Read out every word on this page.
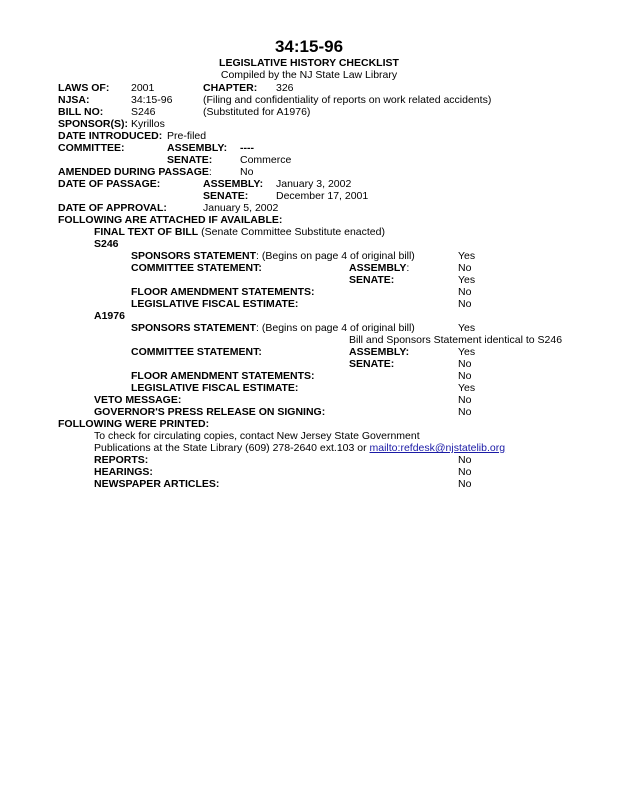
34:15-96
LEGISLATIVE HISTORY CHECKLIST
Compiled by the NJ State Law Library
LAWS OF: 2001	CHAPTER: 326
NJSA:	34:15-96	(Filing and confidentiality of reports on work related accidents)
BILL NO:	S246	(Substituted for A1976)
SPONSOR(S): Kyrillos
DATE INTRODUCED: Pre-filed
COMMITTEE:	ASSEMBLY: ----
SENATE:	Commerce
AMENDED DURING PASSAGE:	No
DATE OF PASSAGE:	ASSEMBLY: January 3, 2002
SENATE:	December 17, 2001
DATE OF APPROVAL:	January 5, 2002
FOLLOWING ARE ATTACHED IF AVAILABLE:
FINAL TEXT OF BILL (Senate Committee Substitute enacted)
S246
SPONSORS STATEMENT: (Begins on page 4 of original bill)	Yes
COMMITTEE STATEMENT:	ASSEMBLY:	No
SENATE:	Yes
FLOOR AMENDMENT STATEMENTS:	No
LEGISLATIVE FISCAL ESTIMATE:	No
A1976
SPONSORS STATEMENT: (Begins on page 4 of original bill)	Yes
Bill and Sponsors Statement identical to S246
COMMITTEE STATEMENT:	ASSEMBLY:	Yes
SENATE:	No
FLOOR AMENDMENT STATEMENTS:	No
LEGISLATIVE FISCAL ESTIMATE:	Yes
VETO MESSAGE:	No
GOVERNOR'S PRESS RELEASE ON SIGNING:	No
FOLLOWING WERE PRINTED:
To check for circulating copies, contact New Jersey State Government
Publications at the State Library (609) 278-2640 ext.103 or mailto:refdesk@njstatelib.org
REPORTS:	No
HEARINGS:	No
NEWSPAPER ARTICLES:	No
